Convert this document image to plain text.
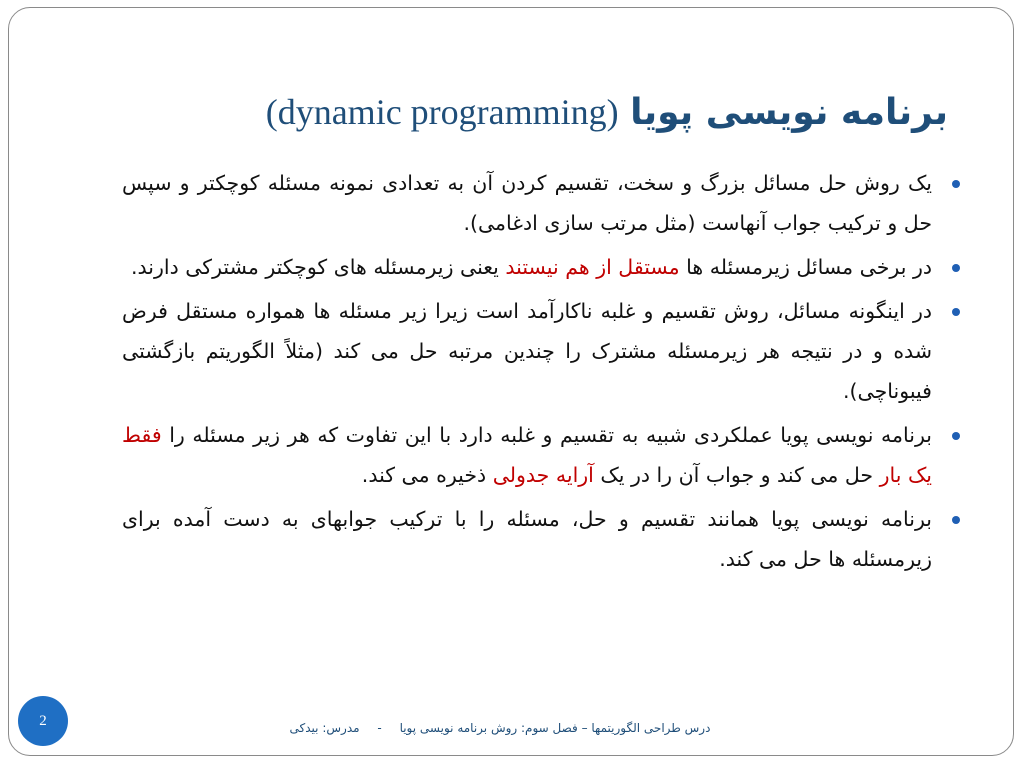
برنامه نویسی پویا (dynamic programming)
یک روش حل مسائل بزرگ و سخت، تقسیم کردن آن به تعدادی نمونه مسئله کوچکتر و سپس حل و ترکیب جواب آنهاست (مثل مرتب سازی ادغامی).
در برخی مسائل زیرمسئله ها مستقل از هم نیستند یعنی زیرمسئله های کوچکتر مشترکی دارند.
در اینگونه مسائل، روش تقسیم و غلبه ناکارآمد است زیرا زیر مسئله ها همواره مستقل فرض شده و در نتیجه هر زیرمسئله مشترک را چندین مرتبه حل می کند (مثلاً الگوریتم بازگشتی فیبوناچی).
برنامه نویسی پویا عملکردی شبیه به تقسیم و غلبه دارد با این تفاوت که هر زیر مسئله را فقط یک بار حل می کند و جواب آن را در یک آرایه جدولی ذخیره می کند.
برنامه نویسی پویا همانند تقسیم و حل، مسئله را با ترکیب جوابهای به دست آمده برای زیرمسئله ها حل می کند.
2	درس طراحی الگوریتمها – فصل سوم: روش برنامه نویسی پویا - مدرس: بیدکی
